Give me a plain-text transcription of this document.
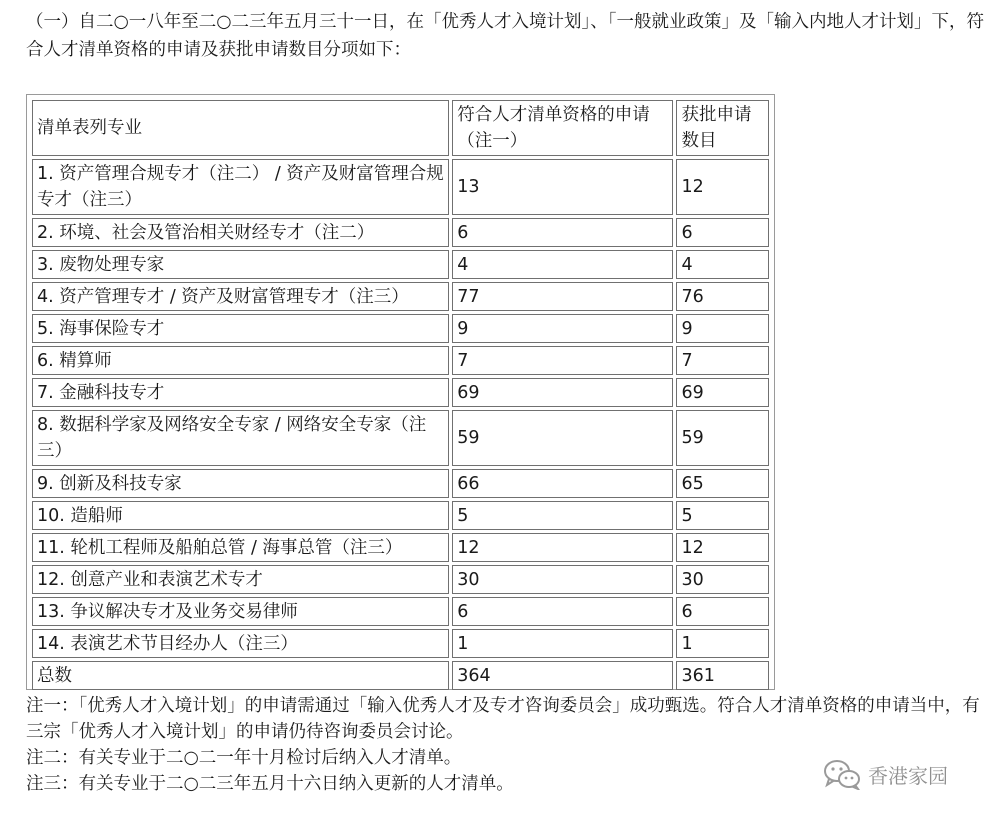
（一）自二○一八年至二○二三年五月三十一日，在「优秀人才入境计划」、「一般就业政策」及「输入内地人才计划」下，符合人才清单资格的申请及获批申请数目分项如下：

清单表列专业	符合人才清单资格的申请（注一）	获批申请数目
1. 资产管理合规专才（注二） / 资产及财富管理合规专才（注三）	13	12
2. 环境、社会及管治相关财经专才（注二）	6	6
3. 废物处理专家	4	4
4. 资产管理专才 / 资产及财富管理专才（注三）	77	76
5. 海事保险专才	9	9
6. 精算师	7	7
7. 金融科技专才	69	69
8. 数据科学家及网络安全专家 / 网络安全专家（注三）	59	59
9. 创新及科技专家	66	65
10. 造船师	5	5
11. 轮机工程师及船舶总管 / 海事总管（注三）	12	12
12. 创意产业和表演艺术专才	30	30
13. 争议解决专才及业务交易律师	6	6
14. 表演艺术节目经办人（注三）	1	1
总数	364	361

注一：「优秀人才入境计划」的申请需通过「输入优秀人才及专才咨询委员会」成功甄选。符合人才清单资格的申请当中，有三宗「优秀人才入境计划」的申请仍待咨询委员会讨论。

注二：有关专业于二○二一年十月检讨后纳入人才清单。

注三：有关专业于二○二三年五月十六日纳入更新的人才清单。	香港家园
